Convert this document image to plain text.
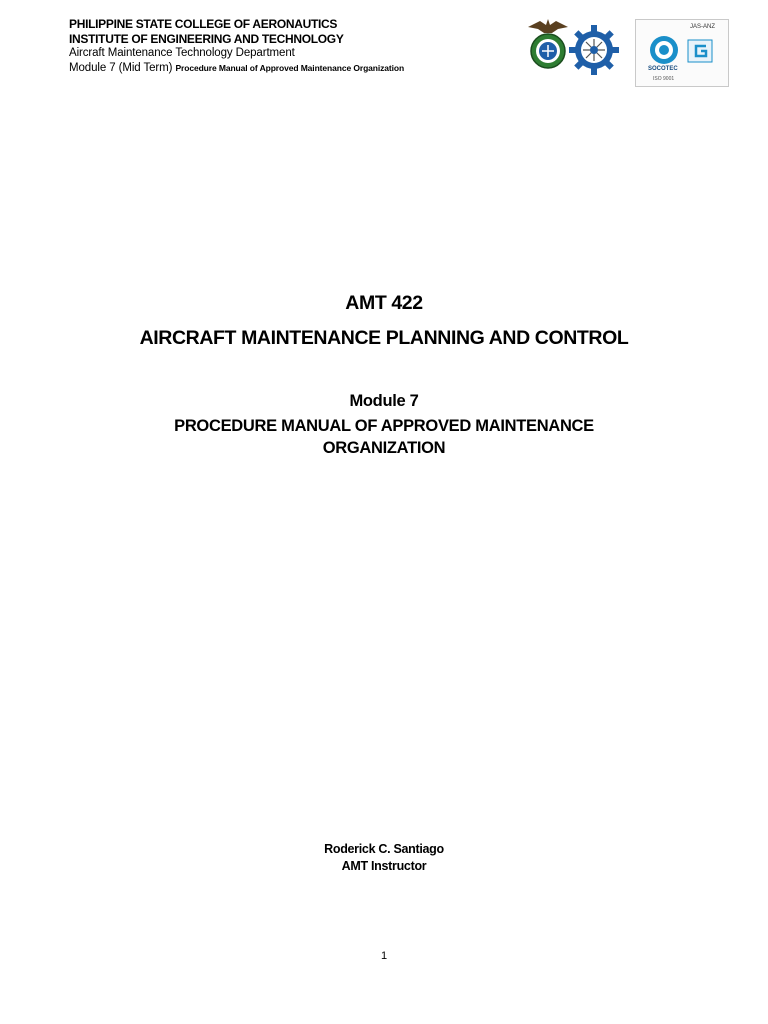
PHILIPPINE STATE COLLEGE OF AERONAUTICS
INSTITUTE OF ENGINEERING AND TECHNOLOGY
Aircraft Maintenance Technology Department
Module 7 (Mid Term) Procedure Manual of Approved Maintenance Organization
JAS-ANZ
SOCOTEC
ISO 9001
AMT 422
AIRCRAFT MAINTENANCE PLANNING AND CONTROL
Module 7
PROCEDURE MANUAL OF APPROVED MAINTENANCE
ORGANIZATION
Roderick C. Santiago
AMT Instructor
1
